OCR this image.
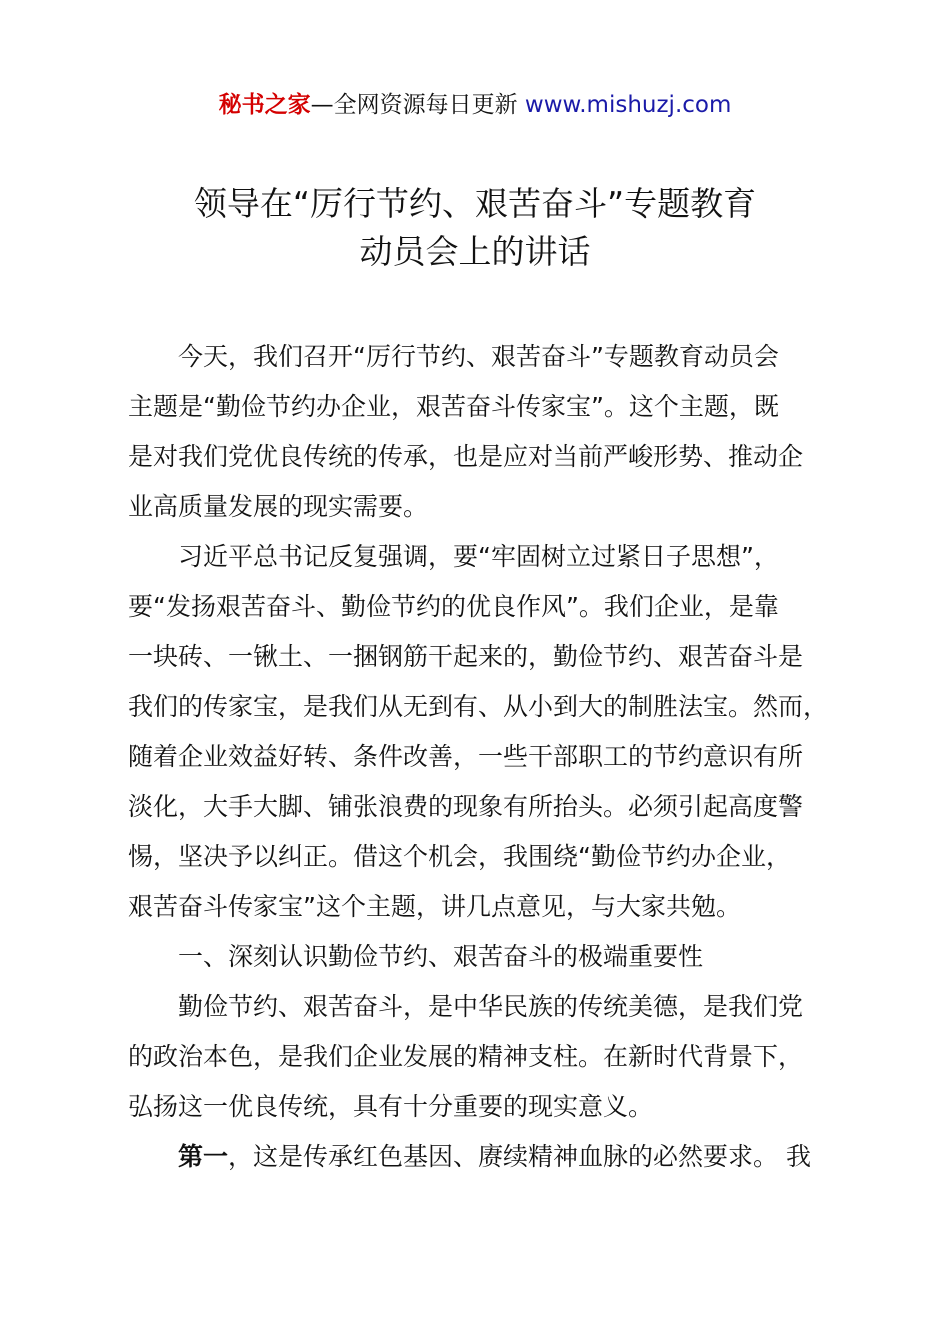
秘书之家—全网资源每日更新 www.mishuzj.com
领导在“厉行节约、艰苦奋斗”专题教育
动员会上的讲话
今天，我们召开“厉行节约、艰苦奋斗”专题教育动员会
主题是“勤俭节约办企业，艰苦奋斗传家宝”。这个主题，既
是对我们党优良传统的传承，也是应对当前严峻形势、推动企
业高质量发展的现实需要。
习近平总书记反复强调，要“牢固树立过紧日子思想”，
要“发扬艰苦奋斗、勤俭节约的优良作风”。我们企业，是靠
一块砖、一锹土、一捆钢筋干起来的，勤俭节约、艰苦奋斗是
我们的传家宝，是我们从无到有、从小到大的制胜法宝。然而，
随着企业效益好转、条件改善，一些干部职工的节约意识有所
淡化，大手大脚、铺张浪费的现象有所抬头。必须引起高度警
惕，坚决予以纠正。借这个机会，我围绕“勤俭节约办企业，
艰苦奋斗传家宝”这个主题，讲几点意见，与大家共勉。
一、深刻认识勤俭节约、艰苦奋斗的极端重要性
勤俭节约、艰苦奋斗，是中华民族的传统美德，是我们党
的政治本色，是我们企业发展的精神支柱。在新时代背景下，
弘扬这一优良传统，具有十分重要的现实意义。
第一，这是传承红色基因、赓续精神血脉的必然要求。 我
